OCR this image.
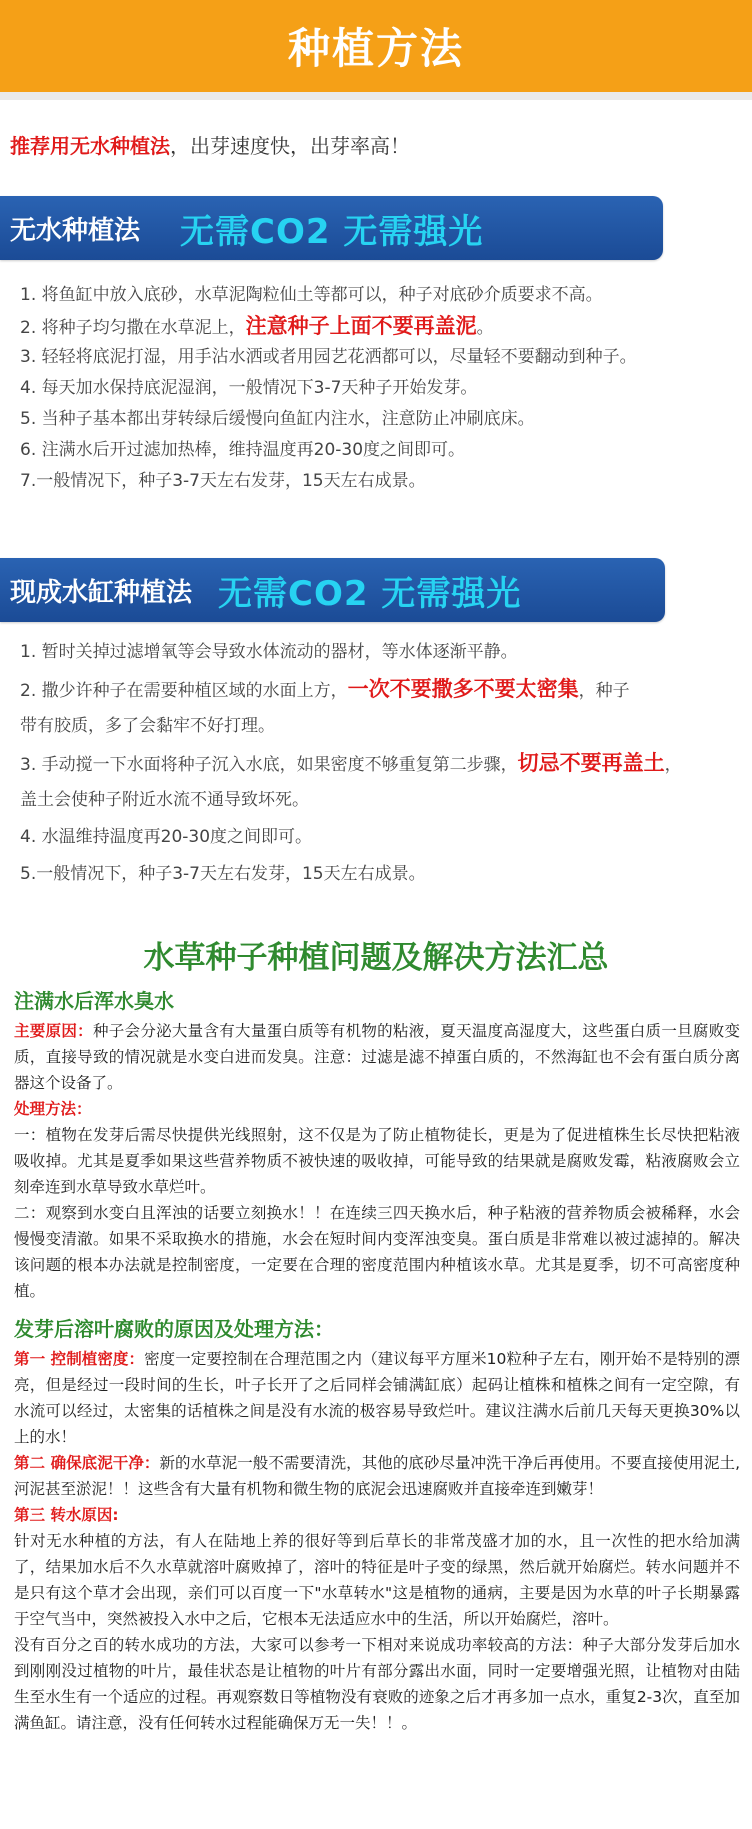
种植方法
推荐用无水种植法，出芽速度快，出芽率高！
无水种植法 无需CO2 无需强光
1. 将鱼缸中放入底砂，水草泥陶粒仙土等都可以，种子对底砂介质要求不高。
2. 将种子均匀撒在水草泥上，注意种子上面不要再盖泥。
3. 轻轻将底泥打湿，用手沾水洒或者用园艺花洒都可以，尽量轻不要翻动到种子。
4. 每天加水保持底泥湿润，一般情况下3-7天种子开始发芽。
5. 当种子基本都出芽转绿后缓慢向鱼缸内注水，注意防止冲刷底床。
6. 注满水后开过滤加热棒，维持温度再20-30度之间即可。
7.一般情况下，种子3-7天左右发芽，15天左右成景。
现成水缸种植法 无需CO2 无需强光
1. 暂时关掉过滤增氧等会导致水体流动的器材，等水体逐渐平静。
2. 撒少许种子在需要种植区域的水面上方，一次不要撒多不要太密集，种子
带有胶质，多了会黏牢不好打理。
3. 手动搅一下水面将种子沉入水底，如果密度不够重复第二步骤，切忌不要再盖土，
盖土会使种子附近水流不通导致坏死。
4. 水温维持温度再20-30度之间即可。
5.一般情况下，种子3-7天左右发芽，15天左右成景。
水草种子种植问题及解决方法汇总
注满水后浑水臭水

主要原因：种子会分泌大量含有大量蛋白质等有机物的粘液，夏天温度高湿度大，这些蛋白质一旦腐败变质，直接导致的情况就是水变白进而发臭。注意：过滤是滤不掉蛋白质的，不然海缸也不会有蛋白质分离器这个设备了。

处理方法：

一：植物在发芽后需尽快提供光线照射，这不仅是为了防止植物徒长，更是为了促进植株生长尽快把粘液吸收掉。尤其是夏季如果这些营养物质不被快速的吸收掉，可能导致的结果就是腐败发霉，粘液腐败会立刻牵连到水草导致水草烂叶。

二：观察到水变白且浑浊的话要立刻换水！！在连续三四天换水后，种子粘液的营养物质会被稀释，水会慢慢变清澈。如果不采取换水的措施，水会在短时间内变浑浊变臭。蛋白质是非常难以被过滤掉的。解决该问题的根本办法就是控制密度，一定要在合理的密度范围内种植该水草。尤其是夏季，切不可高密度种植。

发芽后溶叶腐败的原因及处理方法：

第一 控制植密度：密度一定要控制在合理范围之内（建议每平方厘米10粒种子左右，刚开始不是特别的漂亮，但是经过一段时间的生长，叶子长开了之后同样会铺满缸底）起码让植株和植株之间有一定空隙，有水流可以经过，太密集的话植株之间是没有水流的极容易导致烂叶。建议注满水后前几天每天更换30%以上的水！

第二 确保底泥干净：新的水草泥一般不需要清洗，其他的底砂尽量冲洗干净后再使用。不要直接使用泥土,河泥甚至淤泥！！这些含有大量有机物和微生物的底泥会迅速腐败并直接牵连到嫩芽！

第三 转水原因:

针对无水种植的方法，有人在陆地上养的很好等到后草长的非常茂盛才加的水，且一次性的把水给加满了，结果加水后不久水草就溶叶腐败掉了，溶叶的特征是叶子变的绿黑，然后就开始腐烂。转水问题并不是只有这个草才会出现，亲们可以百度一下"水草转水"这是植物的通病，主要是因为水草的叶子长期暴露于空气当中，突然被投入水中之后，它根本无法适应水中的生活，所以开始腐烂，溶叶。

没有百分之百的转水成功的方法，大家可以参考一下相对来说成功率较高的方法：种子大部分发芽后加水到刚刚没过植物的叶片，最佳状态是让植物的叶片有部分露出水面，同时一定要增强光照，让植物对由陆生至水生有一个适应的过程。再观察数日等植物没有衰败的迹象之后才再多加一点水，重复2-3次，直至加满鱼缸。请注意，没有任何转水过程能确保万无一失！！。
